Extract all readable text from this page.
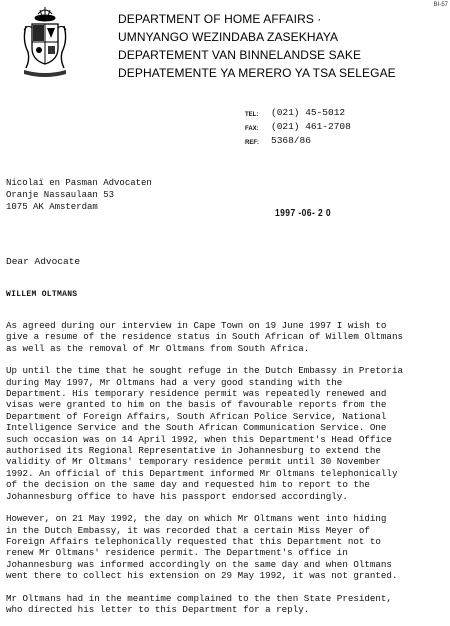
BI-57
DEPARTMENT OF HOME AFFAIRS ·
UMNYANGO WEZINDABA ZASEKHAYA
DEPARTEMENT VAN BINNELANDSE SAKE
DEPHATEMENTE YA MERERO YA TSA SELEGAE
TEL:	(021) 45-5012
FAX:	(021) 461-2708
REF:	5368/86
Nicolaï en Pasman Advocaten
Oranje Nassaulaan 53
1075 AK Amsterdam
1997 -06- 2 0
Dear Advocate
WILLEM OLTMANS

As agreed during our interview in Cape Town on 19 June 1997 I wish to
give a resume of the residence status in South African of Willem Oltmans
as well as the removal of Mr Oltmans from South Africa.

Up until the time that he sought refuge in the Dutch Embassy in Pretoria
during May 1997, Mr Oltmans had a very good standing with the
Department. His temporary residence permit was repeatedly renewed and
visas were granted to him on the basis of favourable reports from the
Department of Foreign Affairs, South African Police Service, National
Intelligence Service and the South African Communication Service. One
such occasion was on 14 April 1992, when this Department's Head Office
authorised its Regional Representative in Johannesburg to extend the
validity of Mr Oltmans' temporary residence permit until 30 November
1992. An official of this Department informed Mr Oltmans telephonically
of the decision on the same day and requested him to report to the
Johannesburg office to have his passport endorsed accordingly.

However, on 21 May 1992, the day on which Mr Oltmans went into hiding
in the Dutch Embassy, it was recorded that a certain Miss Meyer of
Foreign Affairs telephonically requested that this Department not to
renew Mr Oltmans' residence permit. The Department's office in
Johannesburg was informed accordingly on the same day and when Oltmans
went there to collect his extension on 29 May 1992, it was not granted.

Mr Oltmans had in the meantime complained to the then State President,
who directed his letter to this Department for a reply.
